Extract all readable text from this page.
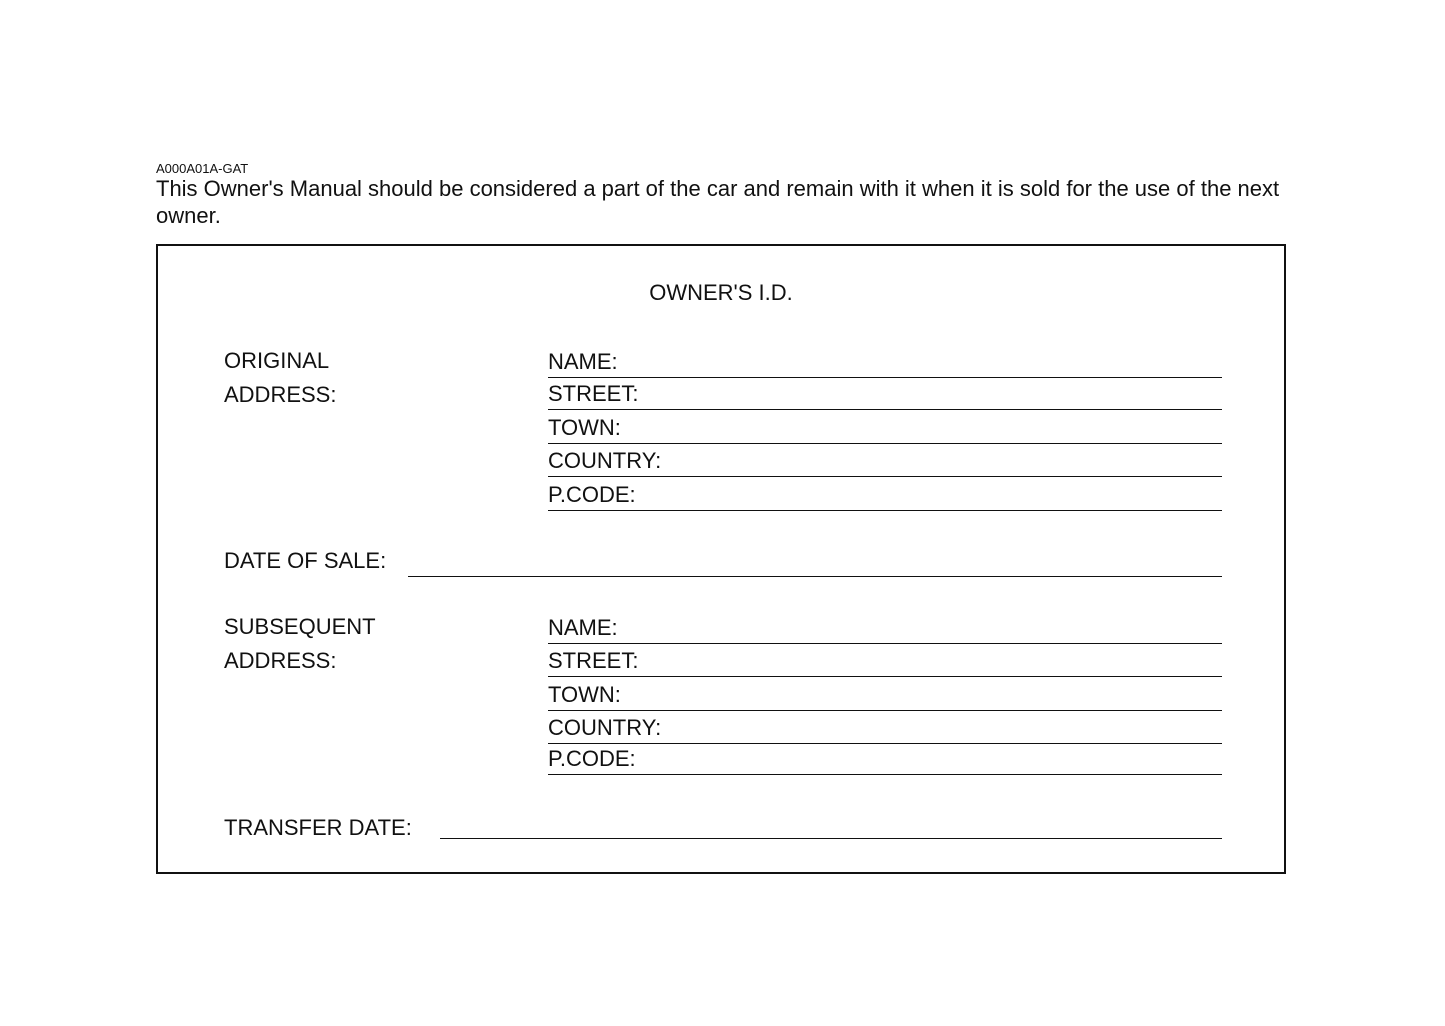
A000A01A-GAT
This Owner's Manual should be considered a part of the car and remain with it when it is sold for the use of the next owner.
OWNER'S I.D.
ORIGINAL
ADDRESS:
NAME:
STREET:
TOWN:
COUNTRY:
P.CODE:
DATE OF SALE:
SUBSEQUENT
ADDRESS:
NAME:
STREET:
TOWN:
COUNTRY:
P.CODE:
TRANSFER DATE:
